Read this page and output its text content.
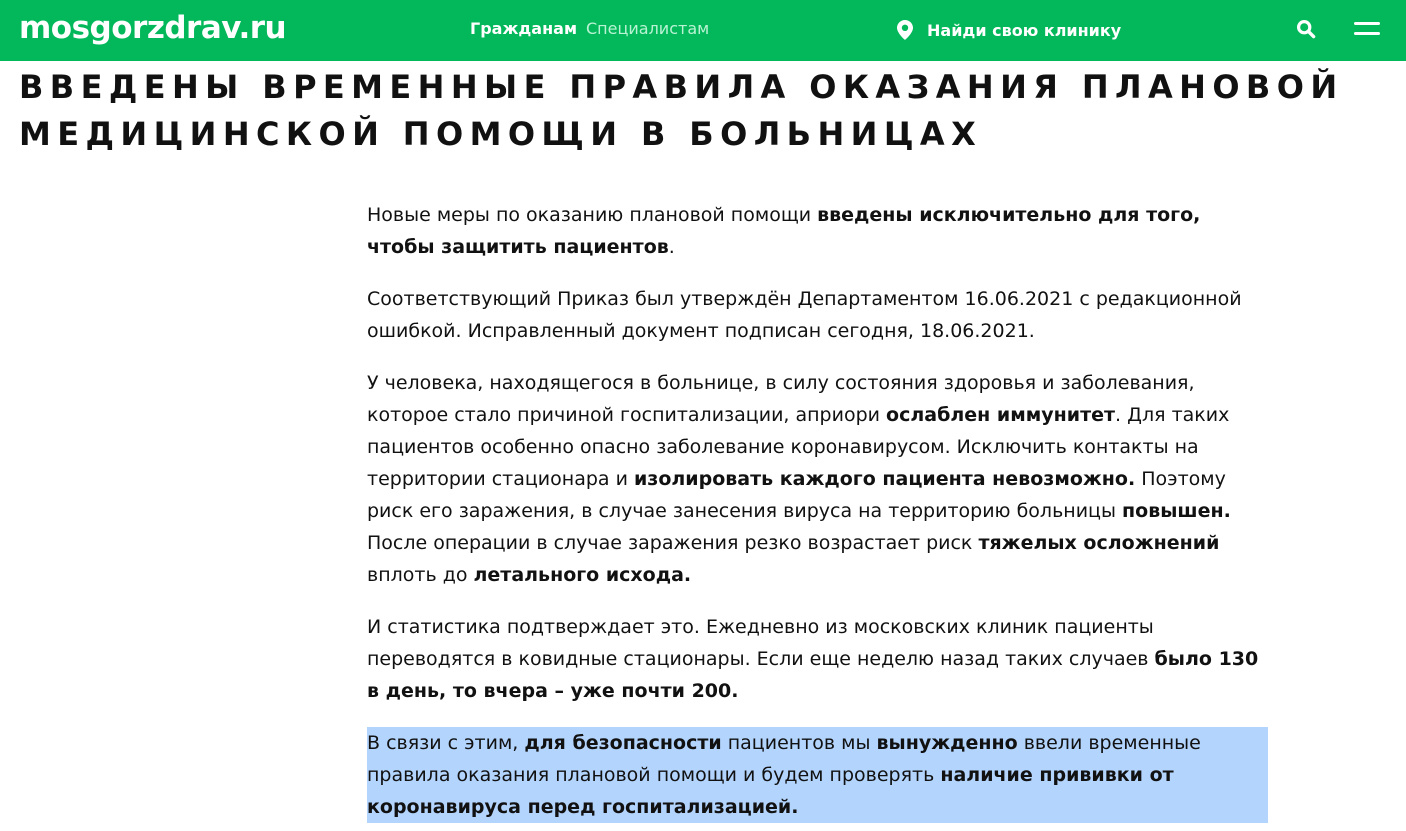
mosgorzdrav.ru	Гражданам Специалистам	Найди свою клинику
ВВЕДЕНЫ ВРЕМЕННЫЕ ПРАВИЛА ОКАЗАНИЯ ПЛАНОВОЙ МЕДИЦИНСКОЙ ПОМОЩИ В БОЛЬНИЦАХ

Новые меры по оказанию плановой помощи введены исключительно для того, чтобы защитить пациентов.

Соответствующий Приказ был утверждён Департаментом 16.06.2021 с редакционной ошибкой. Исправленный документ подписан сегодня, 18.06.2021.

У человека, находящегося в больнице, в силу состояния здоровья и заболевания, которое стало причиной госпитализации, априори ослаблен иммунитет. Для таких пациентов особенно опасно заболевание коронавирусом. Исключить контакты на территории стационара и изолировать каждого пациента невозможно. Поэтому риск его заражения, в случае занесения вируса на территорию больницы повышен. После операции в случае заражения резко возрастает риск тяжелых осложнений вплоть до летального исхода.

И статистика подтверждает это. Ежедневно из московских клиник пациенты переводятся в ковидные стационары. Если еще неделю назад таких случаев было 130 в день, то вчера – уже почти 200.

В связи с этим, для безопасности пациентов мы вынужденно ввели временные правила оказания плановой помощи и будем проверять наличие прививки от коронавируса перед госпитализацией.
